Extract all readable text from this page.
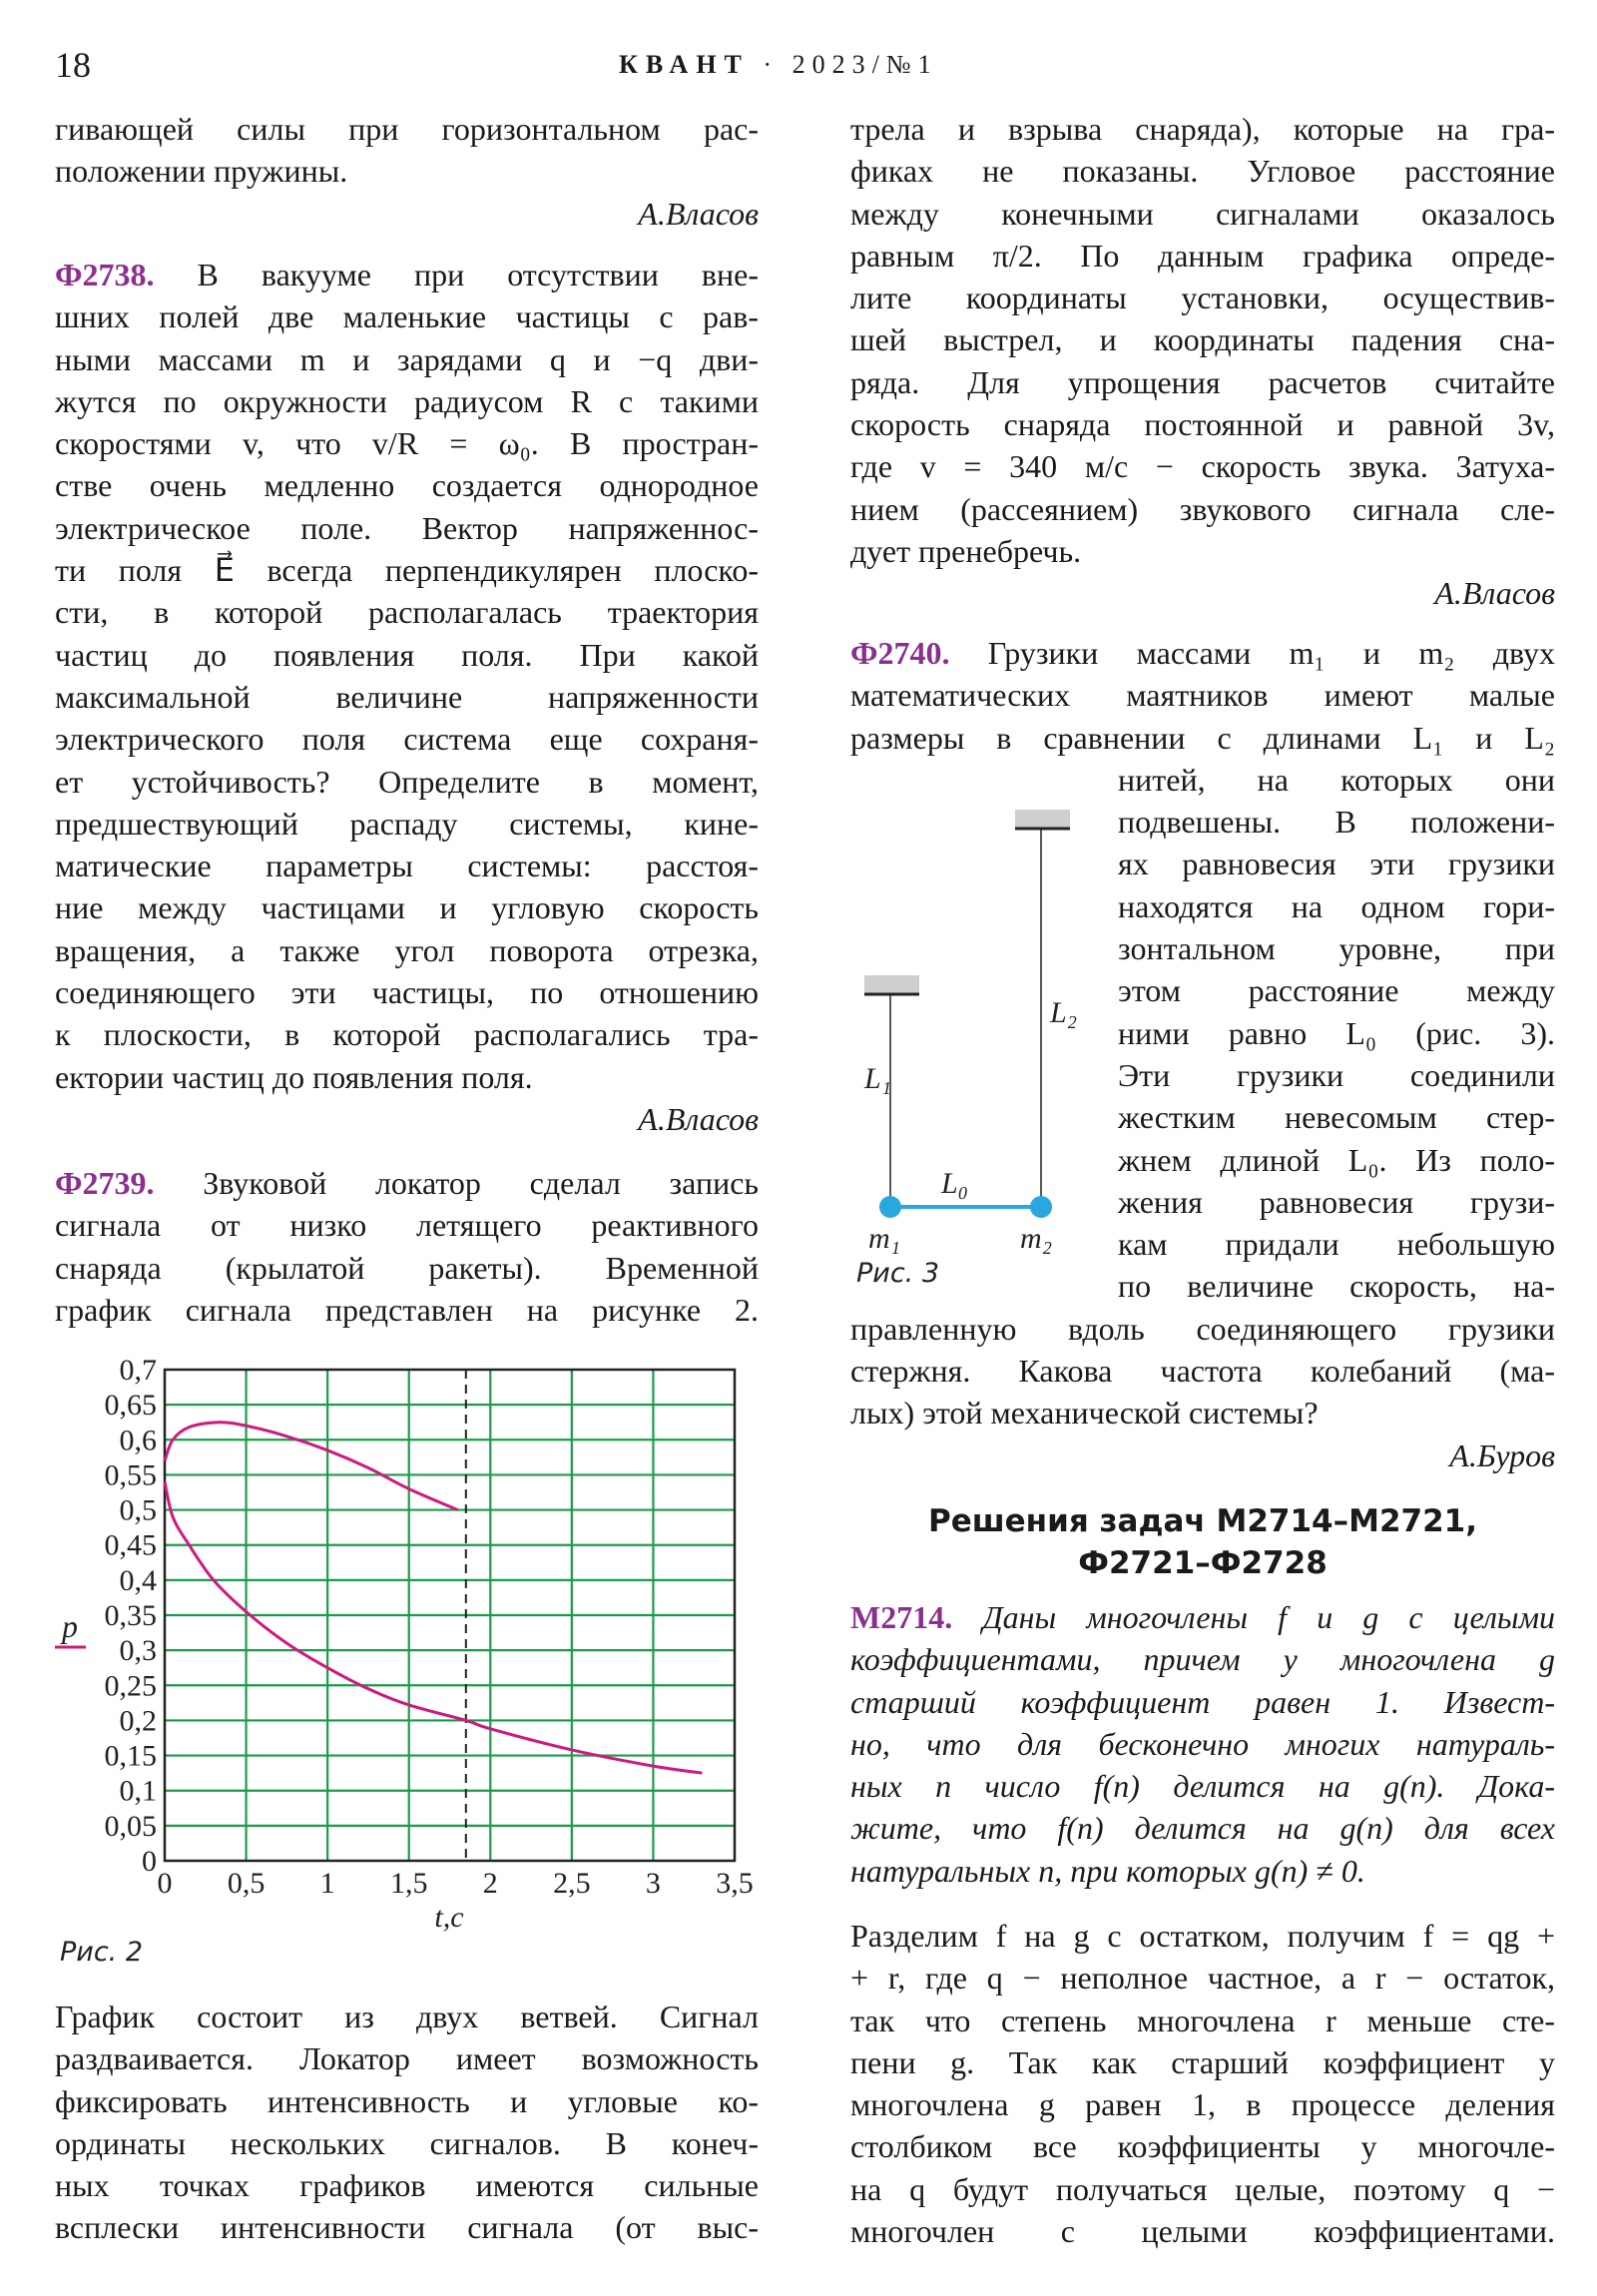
18	КВАНТ · 2023/№1
гивающей силы при горизонтальном рас-
положении пружины.
А.Власов
Ф2738. В вакууме при отсутствии вне-
шних полей две маленькие частицы с рав-
ными массами m и зарядами q и −q дви-
жутся по окружности радиусом R с такими
скоростями v, что v/R = ω₀. В простран-
стве очень медленно создается однородное
электрическое поле. Вектор напряженнос-
ти поля E⃗ всегда перпендикулярен плоско-
сти, в которой располагалась траектория
частиц до появления поля. При какой
максимальной величине напряженности
электрического поля система еще сохраня-
ет устойчивость? Определите в момент,
предшествующий распаду системы, кине-
матические параметры системы: расстоя-
ние между частицами и угловую скорость
вращения, а также угол поворота отрезка,
соединяющего эти частицы, по отношению
к плоскости, в которой располагались тра-
ектории частиц до появления поля.
А.Власов
Ф2739. Звуковой локатор сделал запись
сигнала от низко летящего реактивного
снаряда (крылатой ракеты). Временной
график сигнала представлен на рисунке 2.
0 0,5 1 1,5 2 2,5 3 3,5
0
0,05
0,1
0,15
0,2
0,25
0,3
0,35
0,4
0,45
0,5
0,55
0,6
0,65
0,7
p
t,c
Рис. 2
График состоит из двух ветвей. Сигнал
раздваивается. Локатор имеет возможность
фиксировать интенсивность и угловые ко-
ординаты нескольких сигналов. В конеч-
ных точках графиков имеются сильные
всплески интенсивности сигнала (от выс-
трела и взрыва снаряда), которые на гра-
фиках не показаны. Угловое расстояние
между конечными сигналами оказалось
равным π/2. По данным графика опреде-
лите координаты установки, осуществив-
шей выстрел, и координаты падения сна-
ряда. Для упрощения расчетов считайте
скорость снаряда постоянной и равной 3v,
где v = 340 м/с − скорость звука. Затуха-
нием (рассеянием) звукового сигнала сле-
дует пренебречь.
А.Власов
Ф2740. Грузики массами m₁ и m₂ двух
математических маятников имеют малые
размеры в сравнении с длинами L₁ и L₂
нитей, на которых они
подвешены. В положени-
ях равновесия эти грузики
находятся на одном гори-
зонтальном уровне, при
этом расстояние между
ними равно L₀ (рис. 3).
Эти грузики соединили
жестким невесомым стер-
жнем длиной L₀. Из поло-
жения равновесия грузи-
кам придали небольшую
по величине скорость, на-
правленную вдоль соединяющего грузики
стержня. Какова частота колебаний (ма-
лых) этой механической системы?
А.Буров
L₁
L₂
L₀
m₁	m₂
Рис. 3
Решения задач М2714–М2721,
Ф2721–Ф2728
М2714. Даны многочлены f и g с целыми
коэффициентами, причем у многочлена g
старший коэффициент равен 1. Извест-
но, что для бесконечно многих натураль-
ных n число f(n) делится на g(n). Дока-
жите, что f(n) делится на g(n) для всех
натуральных n, при которых g(n) ≠ 0.
Разделим f на g с остатком, получим f = qg +
+ r, где q − неполное частное, а r − остаток,
так что степень многочлена r меньше сте-
пени g. Так как старший коэффициент у
многочлена g равен 1, в процессе деления
столбиком все коэффициенты у многочле-
на q будут получаться целые, поэтому q −
многочлен с целыми коэффициентами.
